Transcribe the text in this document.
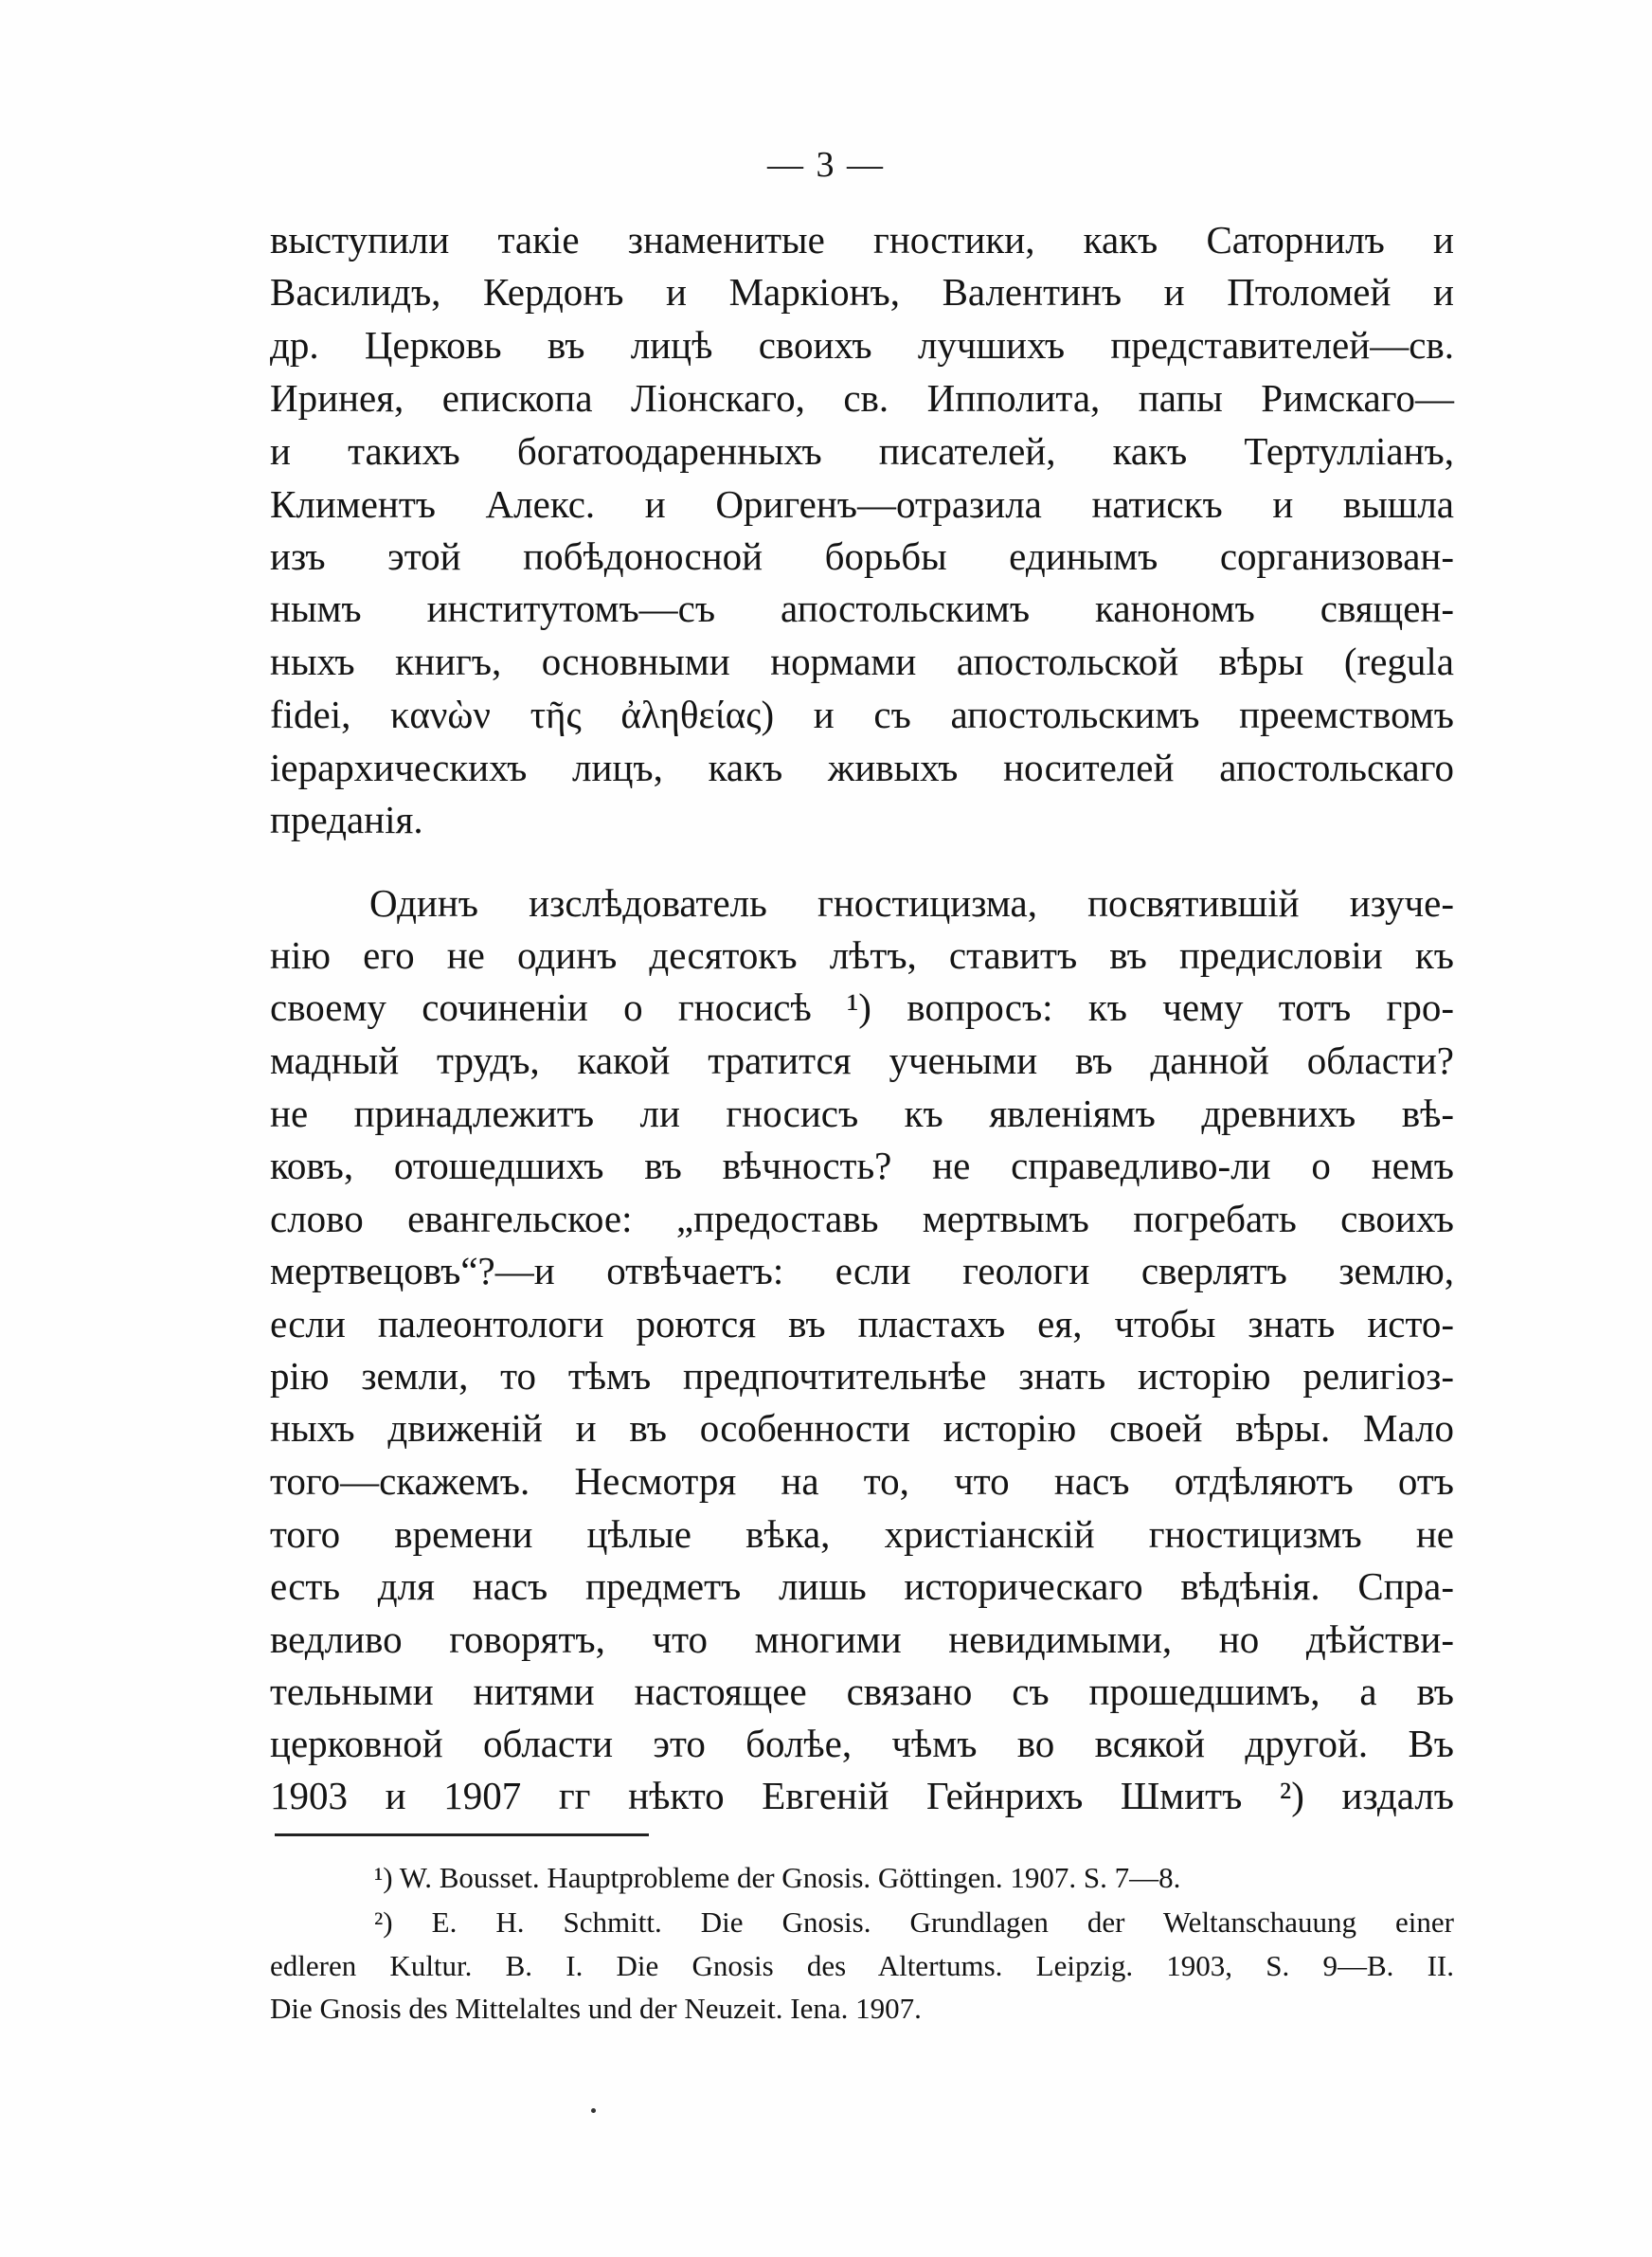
— 3 —
выступили такіе знаменитые гностики, какъ Саторнилъ и
Василидъ, Кердонъ и Маркіонъ, Валентинъ и Птоломей и
др. Церковь въ лицѣ своихъ лучшихъ представителей—св.
Иринея, епископа Ліонскаго, св. Ипполита, папы Римскаго—
и такихъ богатоодаренныхъ писателей, какъ Тертулліанъ,
Климентъ Алекс. и Оригенъ—отразила натискъ и вышла
изъ этой побѣдоносной борьбы единымъ сорганизован-
нымъ институтомъ—съ апостольскимъ канономъ священ-
ныхъ книгъ, основными нормами апостольской вѣры (regula
fidei, κανὼν τῆς ἀληθείας) и съ апостольскимъ преемствомъ
іерархическихъ лицъ, какъ живыхъ носителей апостольскаго
преданія.
Одинъ изслѣдователь гностицизма, посвятившій изуче-
нію его не одинъ десятокъ лѣтъ, ставитъ въ предисловіи къ
своему сочиненіи о гносисѣ ¹) вопросъ: къ чему тотъ гро-
мадный трудъ, какой тратится учеными въ данной области?
не принадлежитъ ли гносисъ къ явленіямъ древнихъ вѣ-
ковъ, отошедшихъ въ вѣчность? не справедливо-ли о немъ
слово евангельское: „предоставь мертвымъ погребать своихъ
мертвецовъ“?—и отвѣчаетъ: если геологи сверлятъ землю,
если палеонтологи роются въ пластахъ ея, чтобы знать исто-
рію земли, то тѣмъ предпочтительнѣе знать исторію религіоз-
ныхъ движеній и въ особенности исторію своей вѣры. Мало
того—скажемъ. Несмотря на то, что насъ отдѣляютъ отъ
того времени цѣлые вѣка, христіанскій гностицизмъ не
есть для насъ предметъ лишь историческаго вѣдѣнія. Спра-
ведливо говорятъ, что многими невидимыми, но дѣйстви-
тельными нитями настоящее связано съ прошедшимъ, а въ
церковной области это болѣе, чѣмъ во всякой другой. Въ
1903 и 1907 гг нѣкто Евгеній Гейнрихъ Шмитъ ²) издалъ
¹) W. Bousset. Hauptprobleme der Gnosis. Göttingen. 1907. S. 7—8.
²) E. H. Schmitt. Die Gnosis. Grundlagen der Weltanschauung einer
edleren Kultur. B. I. Die Gnosis des Altertums. Leipzig. 1903, S. 9—B. II.
Die Gnosis des Mittelaltes und der Neuzeit. Iena. 1907.
